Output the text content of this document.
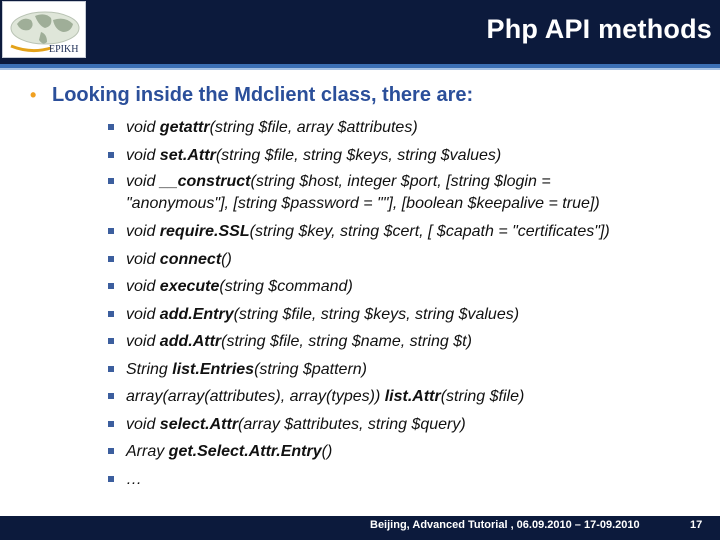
EPIKH
Php API methods
• Looking inside the Mdclient class, there are:
void getattr(string $file, array $attributes)
void set.Attr(string $file, string $keys, string $values)
void __construct(string $host, integer $port, [string $login =
"anonymous"], [string $password = ""], [boolean $keepalive = true])
void require.SSL(string $key, string $cert, [ $capath = "certificates"])
void connect()
void execute(string $command)
void add.Entry(string $file, string $keys, string $values)
void add.Attr(string $file, string $name, string $t)
String list.Entries(string $pattern)
array(array(attributes), array(types)) list.Attr(string $file)
void select.Attr(array $attributes, string $query)
Array get.Select.Attr.Entry()
…
Beijing, Advanced Tutorial , 06.09.2010 – 17-09.2010	17
